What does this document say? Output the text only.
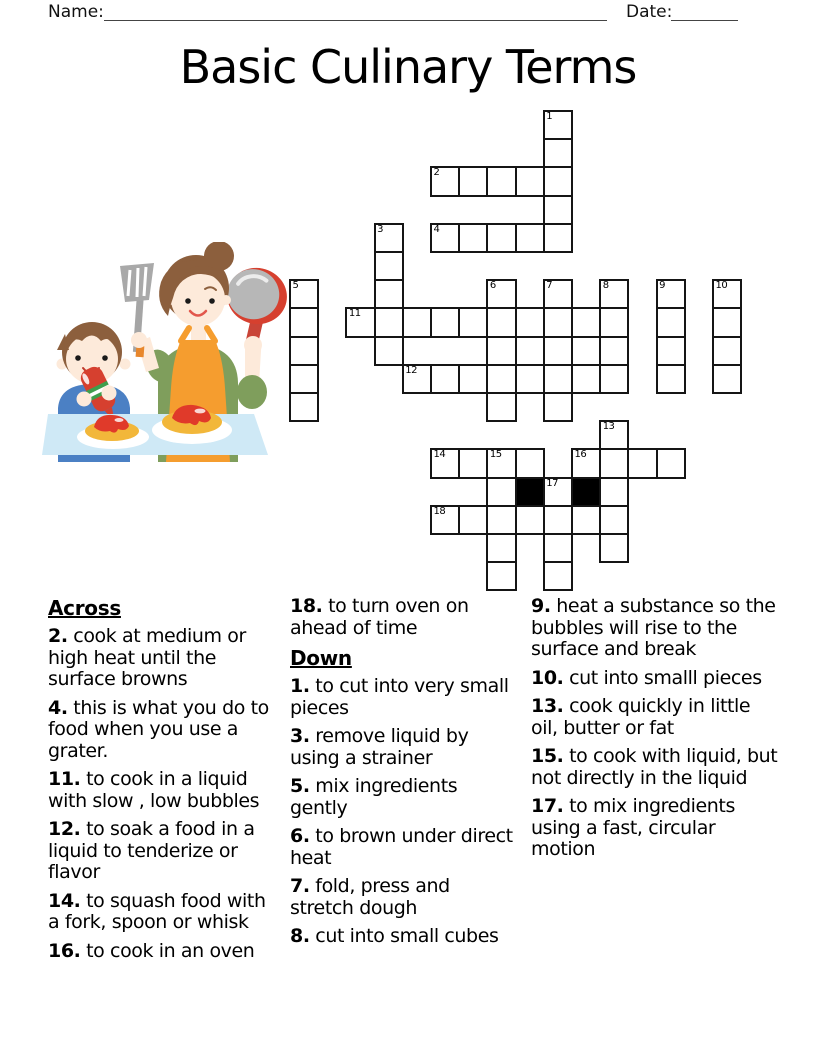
Name:	Date:
Basic Culinary Terms
1
2
3	4
5	6	7	8	9	10
11
12
13
14	15	16
17
18
Across

2. cook at medium or high heat until the surface browns

4. this is what you do to food when you use a grater.

11. to cook in a liquid with slow , low bubbles

12. to soak a food in a liquid to tenderize or flavor

14. to squash food with a fork, spoon or whisk

16. to cook in an oven

18. to turn oven on ahead of time

Down

1. to cut into very small pieces

3. remove liquid by using a strainer

5. mix ingredients gently

6. to brown under direct heat

7. fold, press and stretch dough

8. cut into small cubes

9. heat a substance so the bubbles will rise to the surface and break

10. cut into smalll pieces

13. cook quickly in little oil, butter or fat

15. to cook with liquid, but not directly in the liquid

17. to mix ingredients using a fast, circular motion
